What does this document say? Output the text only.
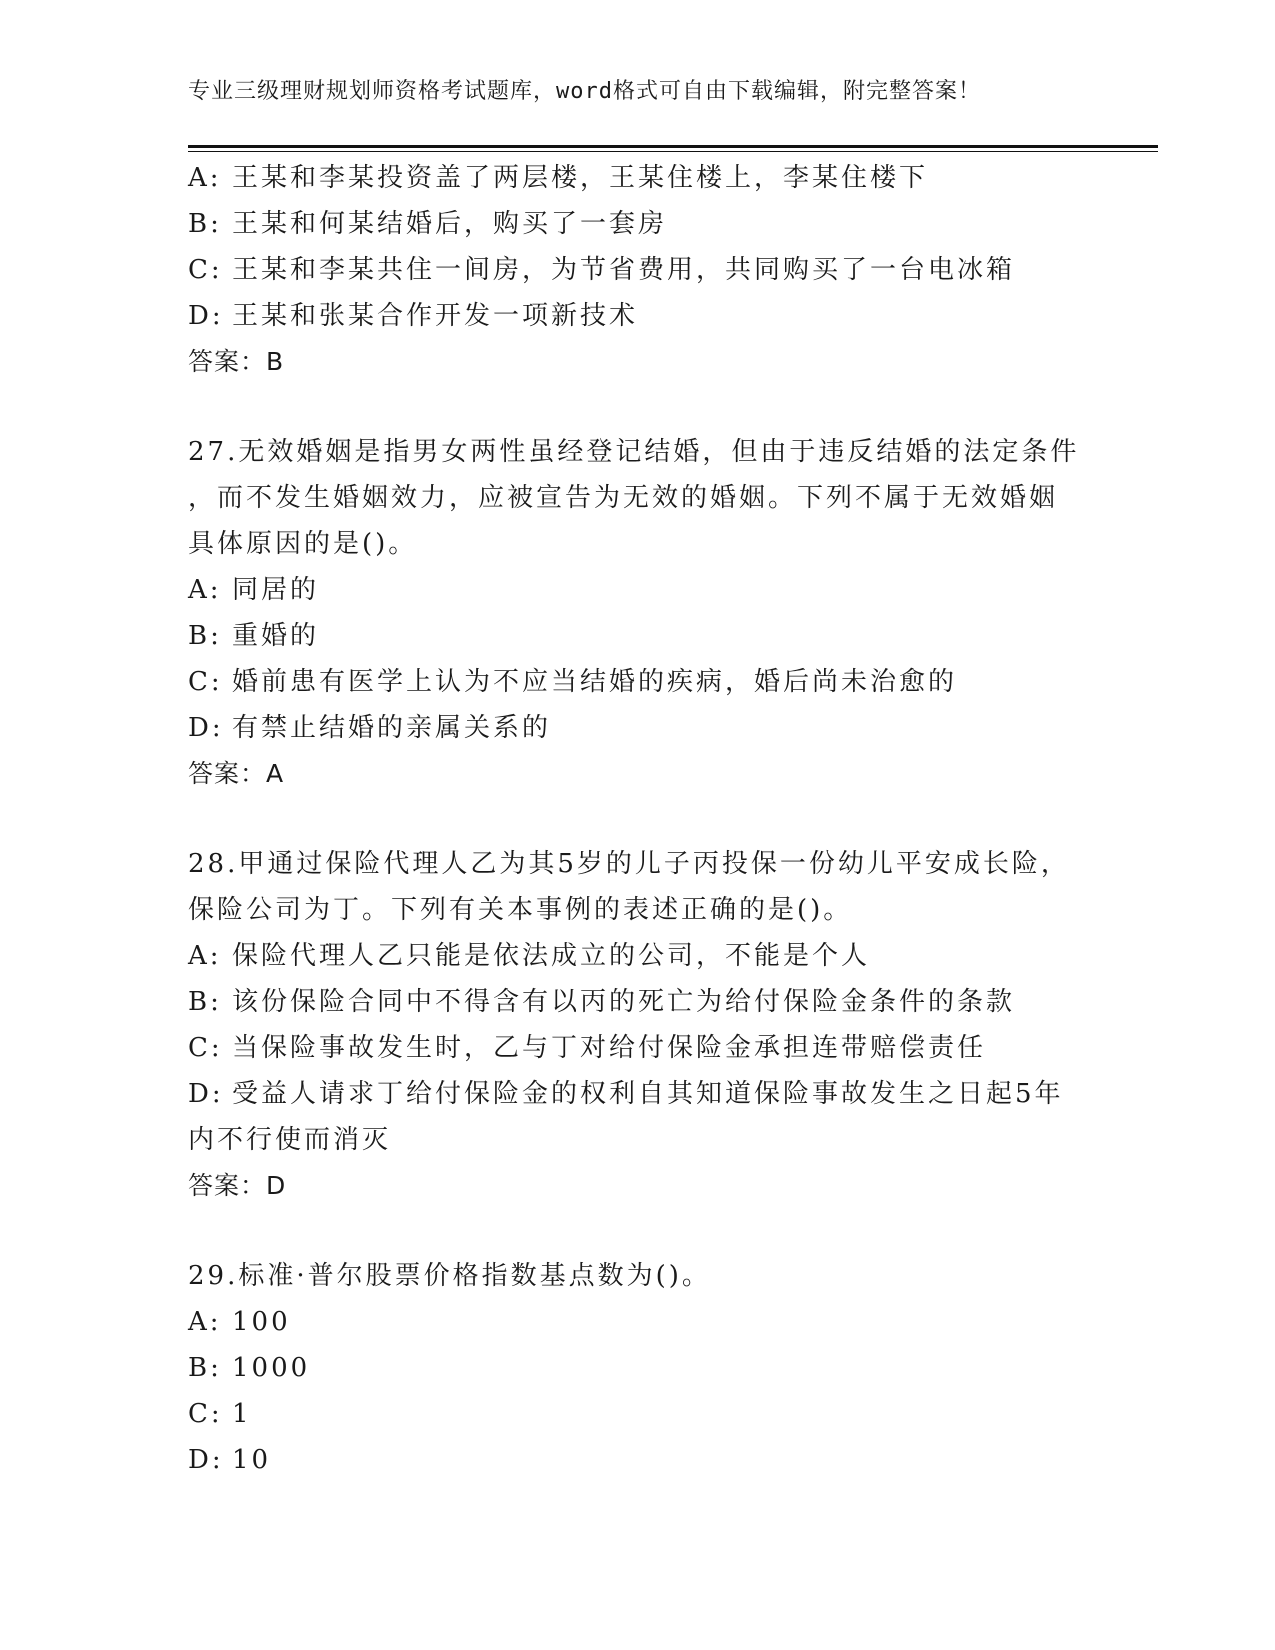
专业三级理财规划师资格考试题库，word格式可自由下载编辑，附完整答案！
A: 王某和李某投资盖了两层楼，王某住楼上，李某住楼下
B: 王某和何某结婚后，购买了一套房
C: 王某和李某共住一间房，为节省费用，共同购买了一台电冰箱
D: 王某和张某合作开发一项新技术
答案：B
27.无效婚姻是指男女两性虽经登记结婚，但由于违反结婚的法定条件
，而不发生婚姻效力，应被宣告为无效的婚姻。下列不属于无效婚姻
具体原因的是()。
A: 同居的
B: 重婚的
C: 婚前患有医学上认为不应当结婚的疾病，婚后尚未治愈的
D: 有禁止结婚的亲属关系的
答案：A
28.甲通过保险代理人乙为其5岁的儿子丙投保一份幼儿平安成长险，
保险公司为丁。下列有关本事例的表述正确的是()。
A: 保险代理人乙只能是依法成立的公司，不能是个人
B: 该份保险合同中不得含有以丙的死亡为给付保险金条件的条款
C: 当保险事故发生时，乙与丁对给付保险金承担连带赔偿责任
D: 受益人请求丁给付保险金的权利自其知道保险事故发生之日起5年
内不行使而消灭
答案：D
29.标准·普尔股票价格指数基点数为()。
A: 100
B: 1000
C: 1
D: 10
